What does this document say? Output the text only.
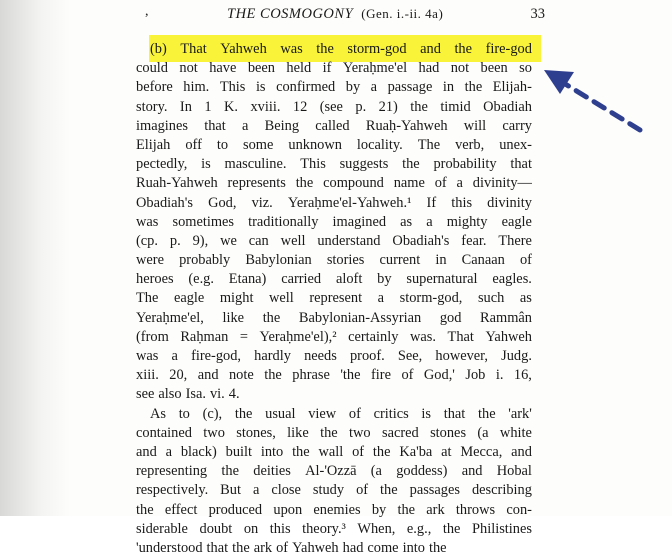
,	THE COSMOGONY (Gen. i.-ii. 4a)	33
(b) That Yahweh was the storm-god and the fire-god
could not have been held if Yeraḥme'el had not been so
before him. This is confirmed by a passage in the Elijah-
story. In 1 K. xviii. 12 (see p. 21) the timid Obadiah
imagines that a Being called Ruaḥ-Yahweh will carry
Elijah off to some unknown locality. The verb, unex-
pectedly, is masculine. This suggests the probability that
Ruah-Yahweh represents the compound name of a divinity—
Obadiah's God, viz. Yeraḥme'el-Yahweh.¹ If this divinity
was sometimes traditionally imagined as a mighty eagle
(cp. p. 9), we can well understand Obadiah's fear. There
were probably Babylonian stories current in Canaan of
heroes (e.g. Etana) carried aloft by supernatural eagles.
The eagle might well represent a storm-god, such as
Yeraḥme'el, like the Babylonian-Assyrian god Rammân
(from Raḥman = Yeraḥme'el),² certainly was. That Yahweh
was a fire-god, hardly needs proof. See, however, Judg.
xiii. 20, and note the phrase 'the fire of God,' Job i. 16,
see also Isa. vi. 4.
As to (c), the usual view of critics is that the 'ark'
contained two stones, like the two sacred stones (a white
and a black) built into the wall of the Ka'ba at Mecca, and
representing the deities Al-'Ozzā (a goddess) and Hobal
respectively. But a close study of the passages describing
the effect produced upon enemies by the ark throws con-
siderable doubt on this theory.³ When, e.g., the Philistines
'understood that the ark of Yahweh had come into the
